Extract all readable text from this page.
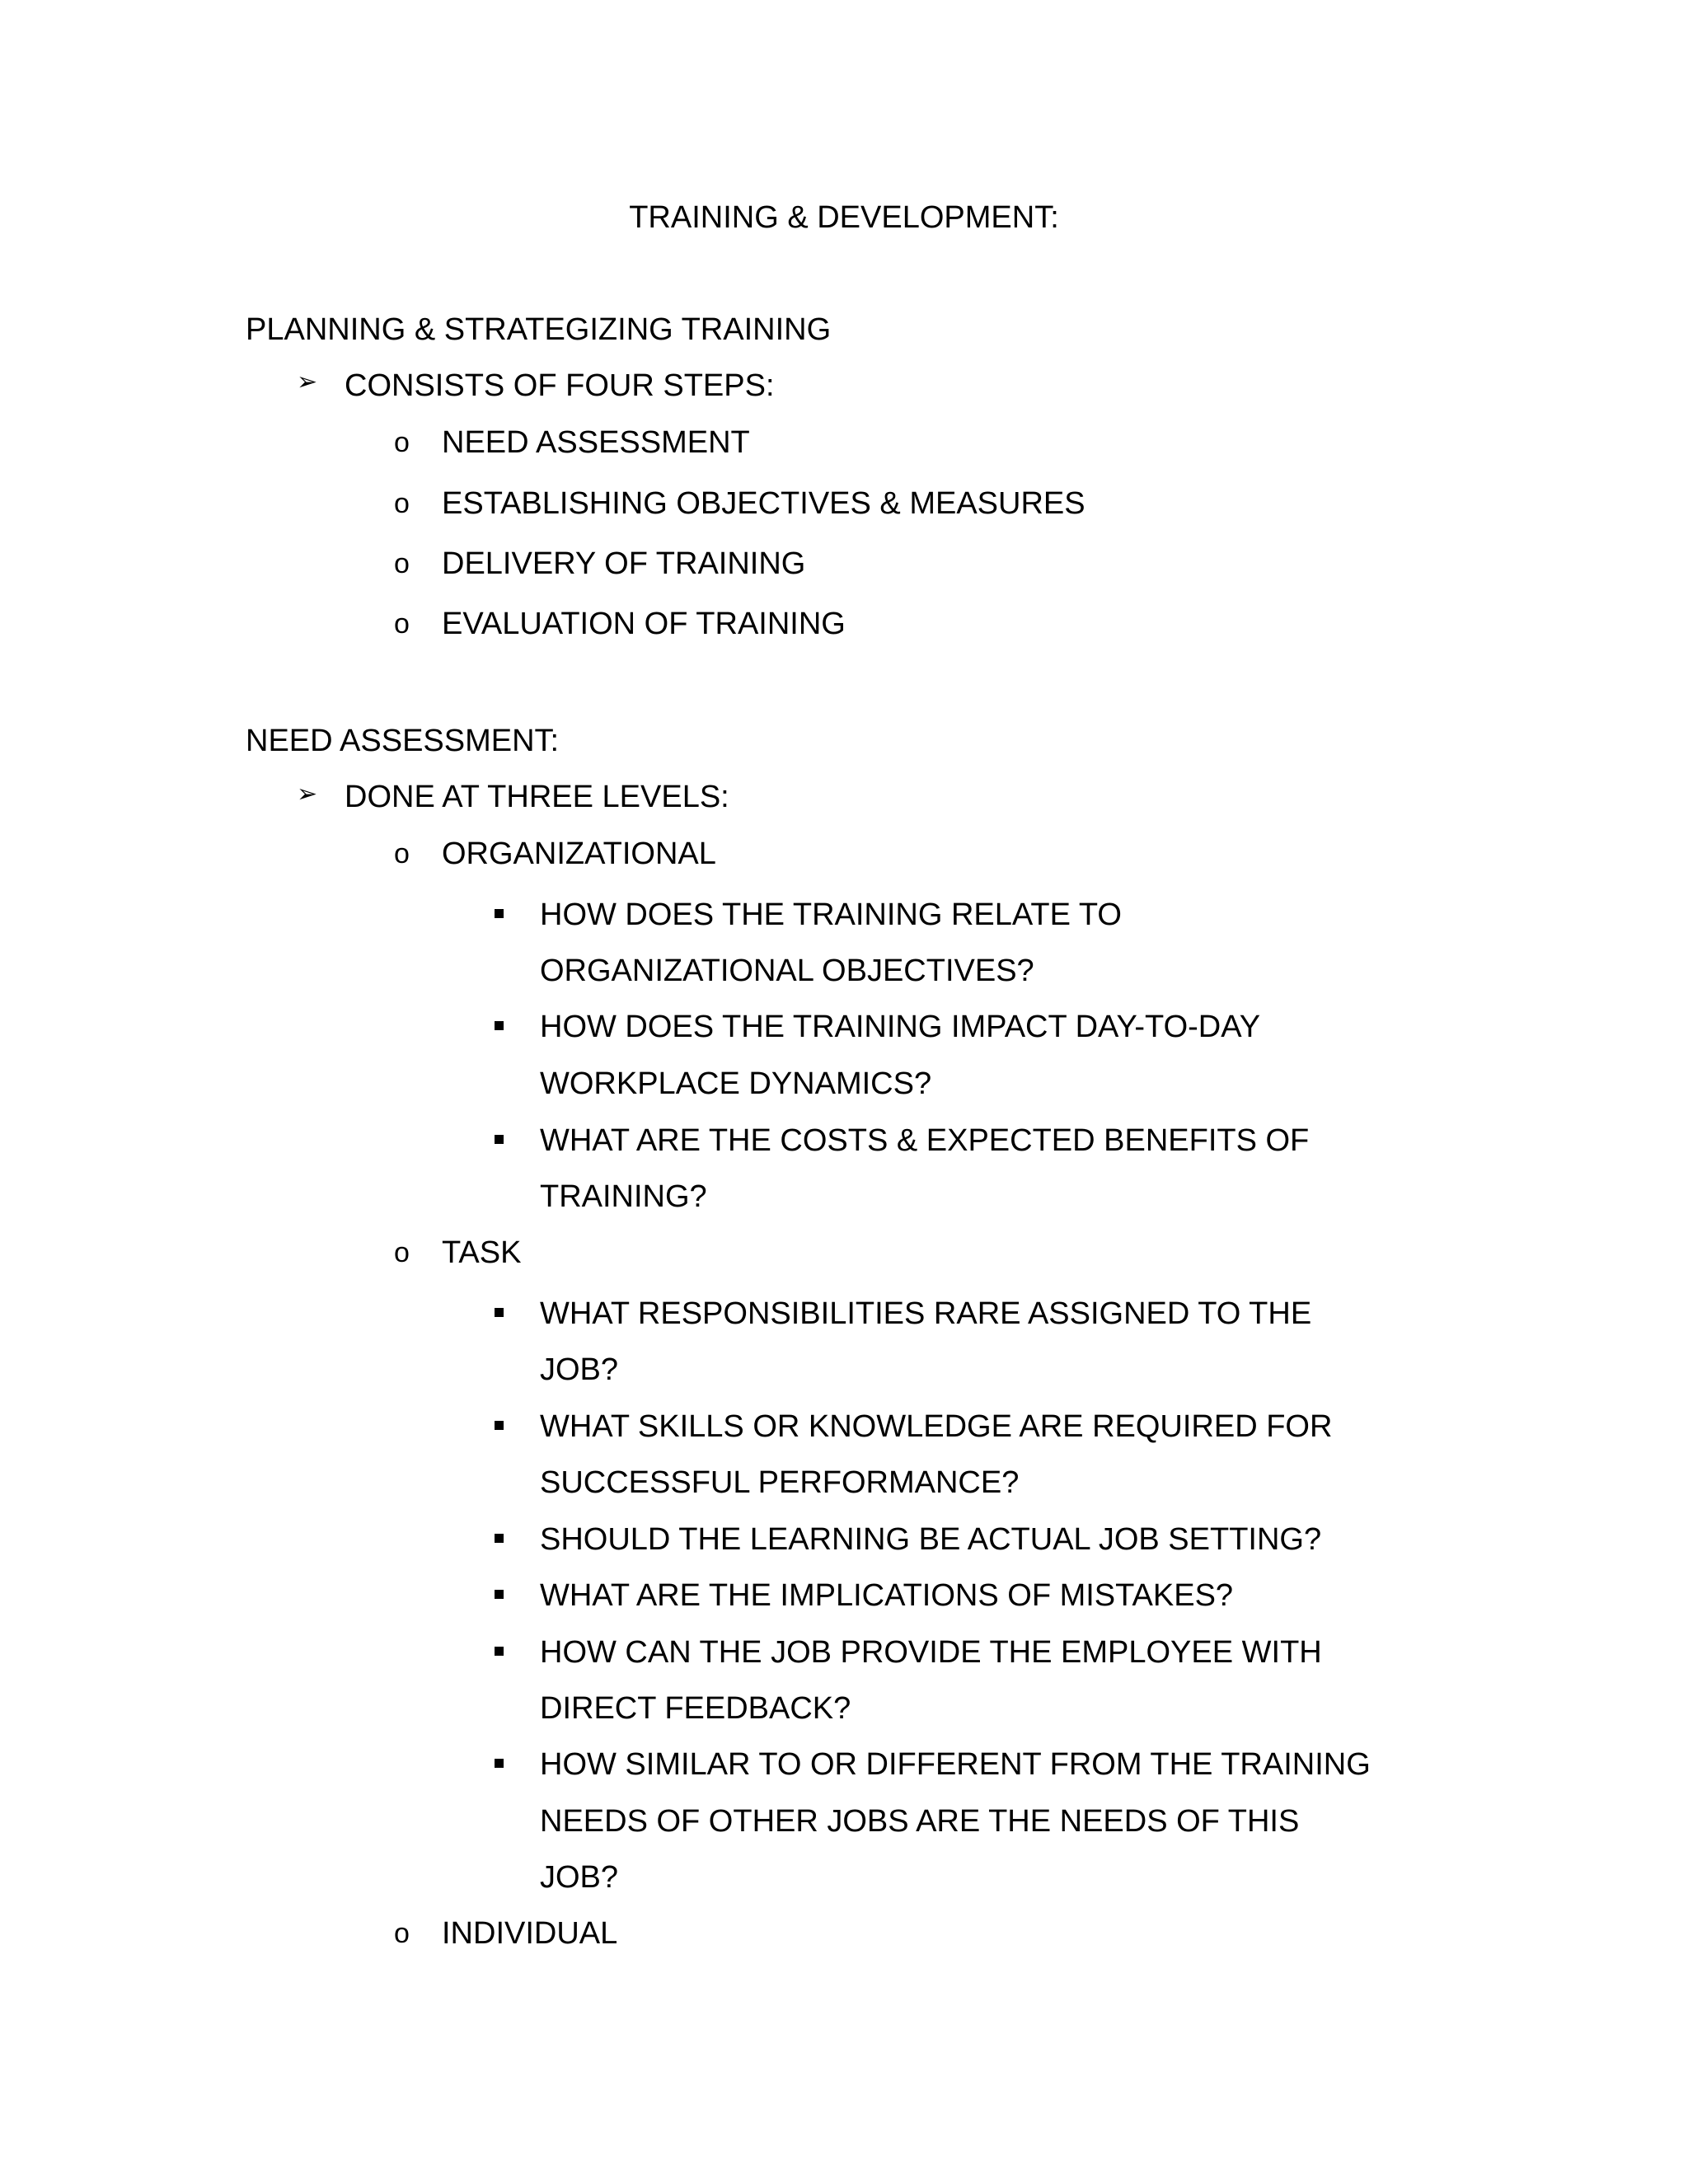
TRAINING & DEVELOPMENT:
PLANNING & STRATEGIZING TRAINING
➢ CONSISTS OF FOUR STEPS:
o NEED ASSESSMENT
o ESTABLISHING OBJECTIVES & MEASURES
o DELIVERY OF TRAINING
o EVALUATION OF TRAINING
NEED ASSESSMENT:
➢ DONE AT THREE LEVELS:
o ORGANIZATIONAL
HOW DOES THE TRAINING RELATE TO
ORGANIZATIONAL OBJECTIVES?
HOW DOES THE TRAINING IMPACT DAY-TO-DAY
WORKPLACE DYNAMICS?
WHAT ARE THE COSTS & EXPECTED BENEFITS OF
TRAINING?
o TASK
WHAT RESPONSIBILITIES RARE ASSIGNED TO THE
JOB?
WHAT SKILLS OR KNOWLEDGE ARE REQUIRED FOR
SUCCESSFUL PERFORMANCE?
SHOULD THE LEARNING BE ACTUAL JOB SETTING?
WHAT ARE THE IMPLICATIONS OF MISTAKES?
HOW CAN THE JOB PROVIDE THE EMPLOYEE WITH
DIRECT FEEDBACK?
HOW SIMILAR TO OR DIFFERENT FROM THE TRAINING
NEEDS OF OTHER JOBS ARE THE NEEDS OF THIS
JOB?
o INDIVIDUAL
